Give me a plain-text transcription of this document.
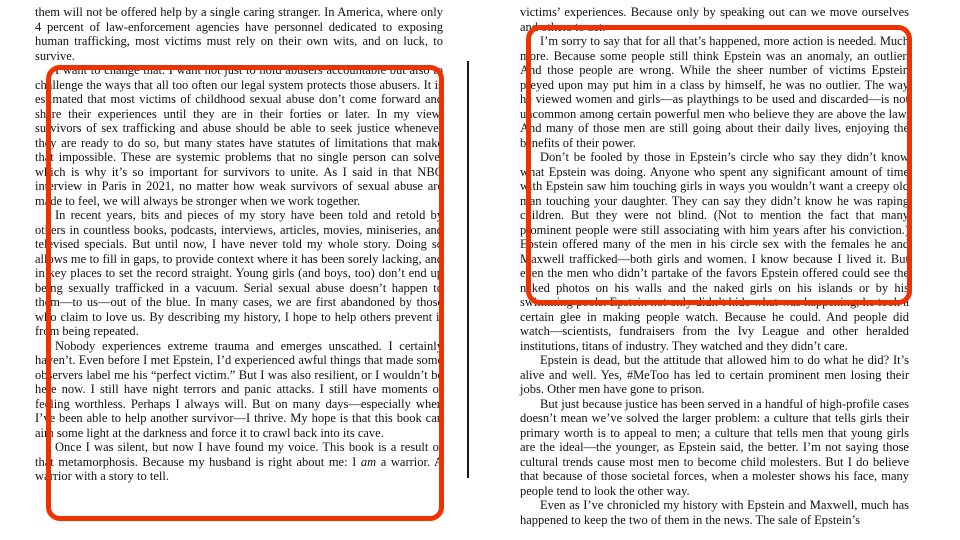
them will not be offered help by a single caring stranger. In America, where only 4 percent of law-enforcement agencies have personnel dedicated to exposing human trafficking, most victims must rely on their own wits, and on luck, to survive.

I want to change that. I want not just to hold abusers accountable but also to challenge the ways that all too often our legal system protects those abusers. It is estimated that most victims of childhood sexual abuse don’t come forward and share their experiences until they are in their forties or later. In my view, survivors of sex trafficking and abuse should be able to seek justice whenever they are ready to do so, but many states have statutes of limitations that make that impossible. These are systemic problems that no single person can solve, which is why it’s so important for survivors to unite. As I said in that NBC interview in Paris in 2021, no matter how weak survivors of sexual abuse are made to feel, we will always be stronger when we work together.

In recent years, bits and pieces of my story have been told and retold by others in countless books, podcasts, interviews, articles, movies, miniseries, and televised specials. But until now, I have never told my whole story. Doing so allows me to fill in gaps, to provide context where it has been sorely lacking, and in key places to set the record straight. Young girls (and boys, too) don’t end up being sexually trafficked in a vacuum. Serial sexual abuse doesn’t happen to them—to us—out of the blue. In many cases, we are first abandoned by those who claim to love us. By describing my history, I hope to help others prevent it from being repeated.

Nobody experiences extreme trauma and emerges unscathed. I certainly haven’t. Even before I met Epstein, I’d experienced awful things that made some observers label me his “perfect victim.” But I was also resilient, or I wouldn’t be here now. I still have night terrors and panic attacks. I still have moments of feeling worthless. Perhaps I always will. But on many days—especially when I’ve been able to help another survivor—I thrive. My hope is that this book can aim some light at the darkness and force it to crawl back into its cave.

Once I was silent, but now I have found my voice. This book is a result of that metamorphosis. Because my husband is right about me: I am a warrior. A warrior with a story to tell.

victims’ experiences. Because only by speaking out can we move ourselves and others to act.

I’m sorry to say that for all that’s happened, more action is needed. Much more. Because some people still think Epstein was an anomaly, an outlier. And those people are wrong. While the sheer number of victims Epstein preyed upon may put him in a class by himself, he was no outlier. The way he viewed women and girls—as playthings to be used and discarded—is not uncommon among certain powerful men who believe they are above the law. And many of those men are still going about their daily lives, enjoying the benefits of their power.

Don’t be fooled by those in Epstein’s circle who say they didn’t know what Epstein was doing. Anyone who spent any significant amount of time with Epstein saw him touching girls in ways you wouldn’t want a creepy old man touching your daughter. They can say they didn’t know he was raping children. But they were not blind. (Not to mention the fact that many prominent people were still associating with him years after his conviction.) Epstein offered many of the men in his circle sex with the females he and Maxwell trafficked—both girls and women. I know because I lived it. But even the men who didn’t partake of the favors Epstein offered could see the naked photos on his walls and the naked girls on his islands or by his swimming pools. Epstein not only didn’t hide what was happening, he took a certain glee in making people watch. Because he could. And people did watch—scientists, fundraisers from the Ivy League and other heralded institutions, titans of industry. They watched and they didn’t care.

Epstein is dead, but the attitude that allowed him to do what he did? It’s alive and well. Yes, #MeToo has led to certain prominent men losing their jobs. Other men have gone to prison.

But just because justice has been served in a handful of high-profile cases doesn’t mean we’ve solved the larger problem: a culture that tells girls their primary worth is to appeal to men; a culture that tells men that young girls are the ideal—the younger, as Epstein said, the better. I’m not saying those cultural trends cause most men to become child molesters. But I do believe that because of those societal forces, when a molester shows his face, many people tend to look the other way.

Even as I’ve chronicled my history with Epstein and Maxwell, much has happened to keep the two of them in the news. The sale of Epstein’s
